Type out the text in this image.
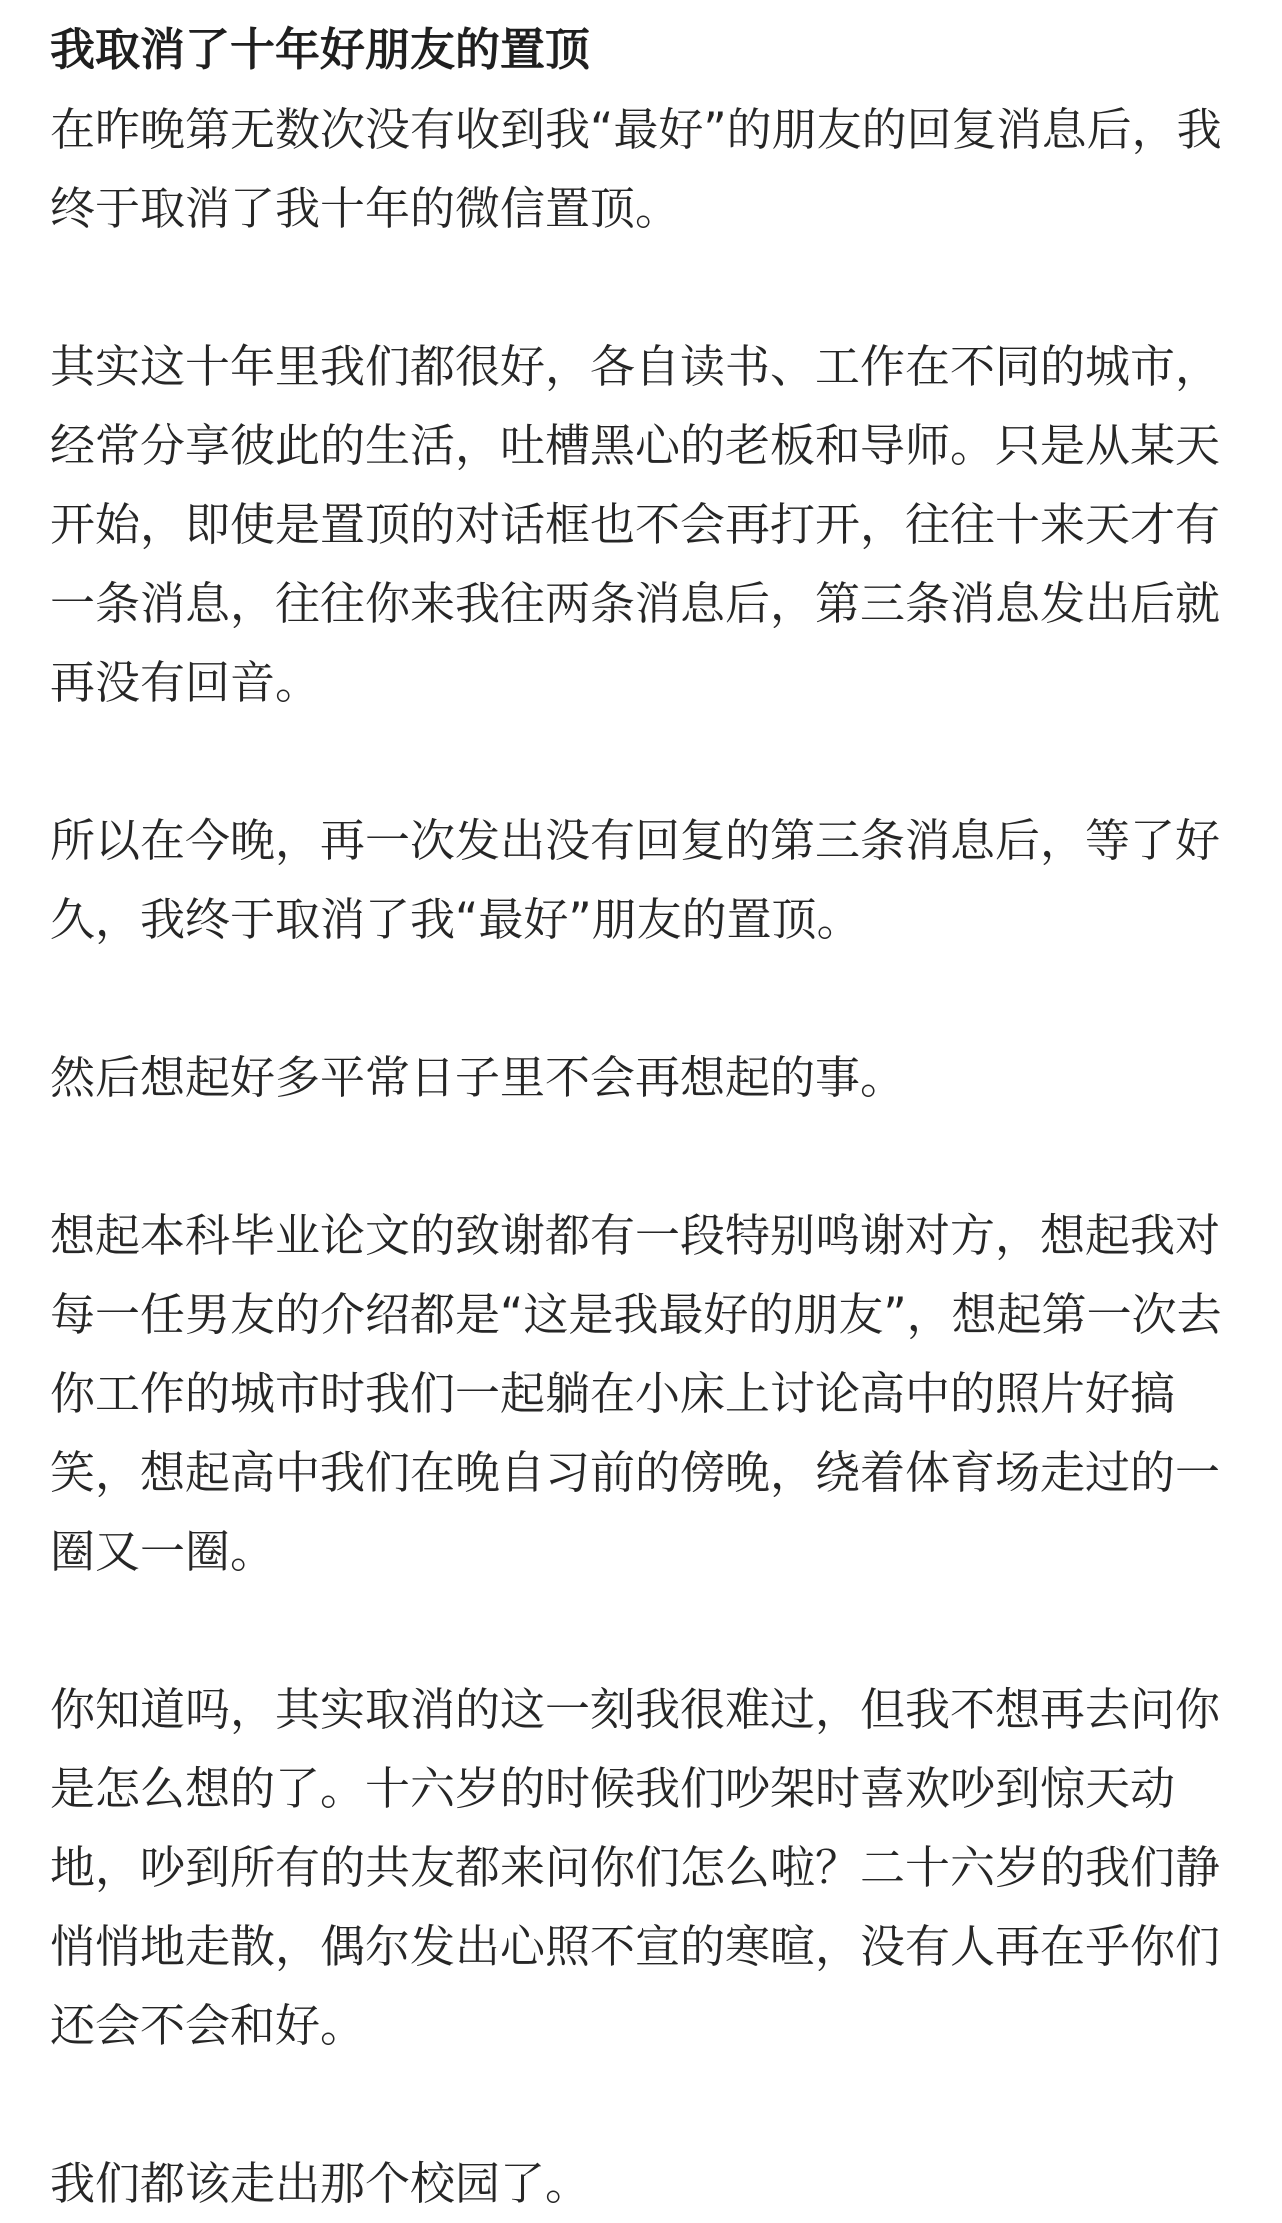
我取消了十年好朋友的置顶

在昨晚第无数次没有收到我“最好”的朋友的回复消息后，我终于取消了我十年的微信置顶。

其实这十年里我们都很好，各自读书、工作在不同的城市，经常分享彼此的生活，吐槽黑心的老板和导师。只是从某天开始，即使是置顶的对话框也不会再打开，往往十来天才有一条消息，往往你来我往两条消息后，第三条消息发出后就再没有回音。

所以在今晚，再一次发出没有回复的第三条消息后，等了好久，我终于取消了我“最好”朋友的置顶。

然后想起好多平常日子里不会再想起的事。

想起本科毕业论文的致谢都有一段特别鸣谢对方，想起我对每一任男友的介绍都是“这是我最好的朋友”，想起第一次去你工作的城市时我们一起躺在小床上讨论高中的照片好搞笑，想起高中我们在晚自习前的傍晚，绕着体育场走过的一圈又一圈。

你知道吗，其实取消的这一刻我很难过，但我不想再去问你是怎么想的了。十六岁的时候我们吵架时喜欢吵到惊天动地，吵到所有的共友都来问你们怎么啦？二十六岁的我们静悄悄地走散，偶尔发出心照不宣的寒暄，没有人再在乎你们还会不会和好。

我们都该走出那个校园了。
